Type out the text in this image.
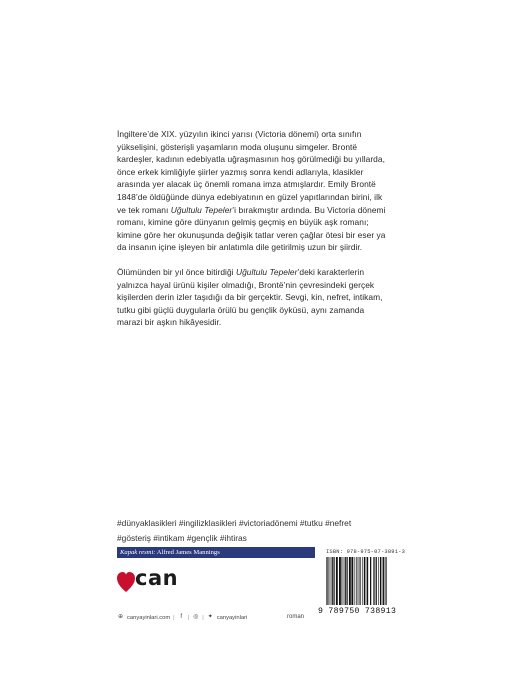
İngiltere’de XIX. yüzyılın ikinci yarısı (Victoria dönemi) orta sınıfın yükselişini, gösterişli yaşamların moda oluşunu simgeler. Brontë kardeşler, kadının edebiyatla uğraşmasının hoş görülmediği bu yıllarda, önce erkek kimliğiyle şiirler yazmış sonra kendi adlarıyla, klasikler arasında yer alacak üç önemli romana imza atmışlardır. Emily Brontë 1848’de öldüğünde dünya edebiyatının en güzel yapıtlarından birini, ilk ve tek romanı Uğultulu Tepeler’i bırakmıştır ardında. Bu Victoria dönemi romanı, kimine göre dünyanın gelmiş geçmiş en büyük aşk romanı; kimine göre her okunuşunda değişik tatlar veren çağlar ötesi bir eser ya da insanın içine işleyen bir anlatımla dile getirilmiş uzun bir şiirdir.

Ölümünden bir yıl önce bitirdiği Uğultulu Tepeler’deki karakterlerin yalnızca hayal ürünü kişiler olmadığı, Brontë’nin çevresindeki gerçek kişilerden derin izler taşıdığı da bir gerçektir. Sevgi, kin, nefret, intikam, tutku gibi güçlü duygularla örülü bu gençlik öyküsü, aynı zamanda marazi bir aşkın hikâyesidir.

#dünyaklasikleri #ingilizklasikleri #victoriadönemi #tutku #nefret
#gösteriş #intikam #gençlik #ihtiras
Kapak resmi: Alfred James Mannings
can
⊕ canyayinlari.com | f | ◎ | ✦ canyayinlari	roman
ISBN: 978-975-07-3891-3
9 789750 738913
